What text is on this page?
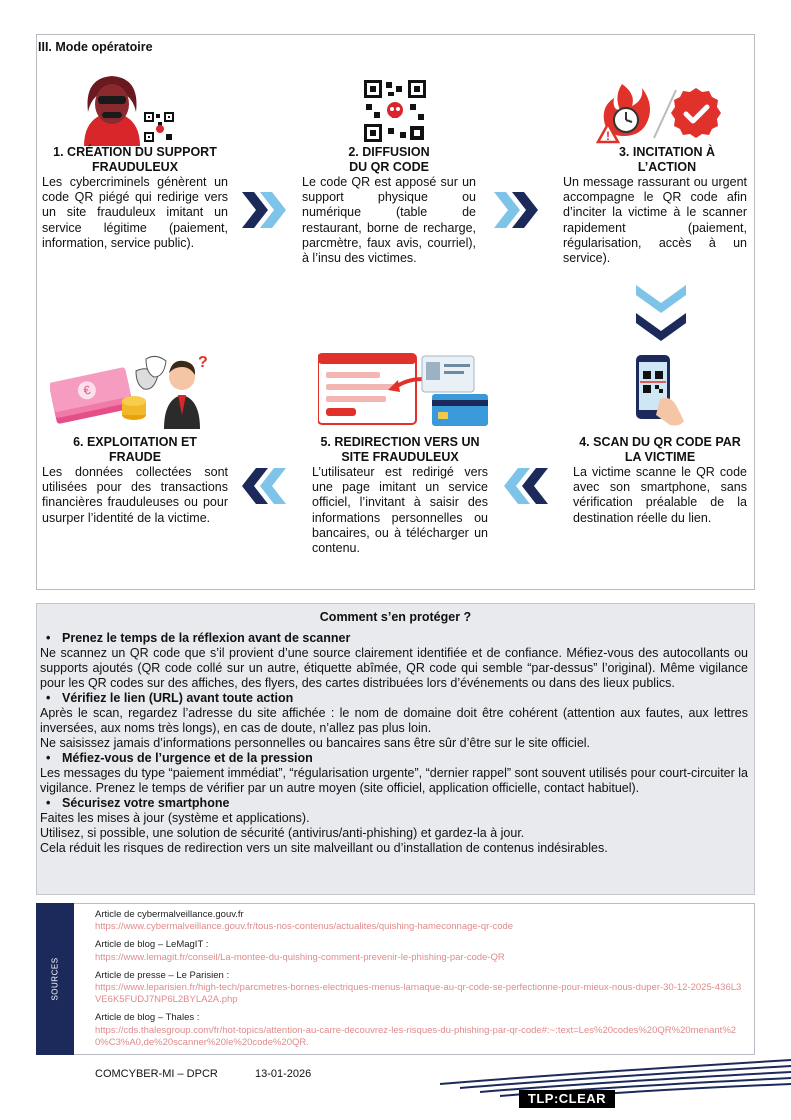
III. Mode opératoire
!
€
?
1. CRÉATION DU SUPPORT FRAUDULEUX
Les cybercriminels génèrent un code QR piégé qui redirige vers un site frauduleux imitant un service légitime (paiement, information, service public).
2. DIFFUSION DU QR CODE
Le code QR est apposé sur un support physique ou numérique (table de restaurant, borne de recharge, parcmètre, faux avis, courriel), à l’insu des victimes.
3. INCITATION À L’ACTION
Un message rassurant ou urgent accompagne le QR code afin d’inciter la victime à le scanner rapidement (paiement, régularisation, accès à un service).
4. SCAN DU QR CODE PAR LA VICTIME
La victime scanne le QR code avec son smartphone, sans vérification préalable de la destination réelle du lien.
5. REDIRECTION VERS UN SITE FRAUDULEUX
L’utilisateur est redirigé vers une page imitant un service officiel, l’invitant à saisir des informations personnelles ou bancaires, ou à télécharger un contenu.
6. EXPLOITATION ET FRAUDE
Les données collectées sont utilisées pour des transactions financières frauduleuses ou pour usurper l’identité de la victime.
Comment s’en protéger ?
• Prenez le temps de la réflexion avant de scanner
Ne scannez un QR code que s’il provient d’une source clairement identifiée et de confiance. Méfiez-vous des autocollants ou supports ajoutés (QR code collé sur un autre, étiquette abîmée, QR code qui semble “par-dessus” l’original). Même vigilance pour les QR codes sur des affiches, des flyers, des cartes distribuées lors d’événements ou dans des lieux publics.
• Vérifiez le lien (URL) avant toute action
Après le scan, regardez l’adresse du site affichée : le nom de domaine doit être cohérent (attention aux fautes, aux lettres inversées, aux noms très longs), en cas de doute, n’allez pas plus loin.
Ne saisissez jamais d’informations personnelles ou bancaires sans être sûr d’être sur le site officiel.
• Méfiez-vous de l’urgence et de la pression
Les messages du type “paiement immédiat”, “régularisation urgente”, “dernier rappel” sont souvent utilisés pour court-circuiter la vigilance. Prenez le temps de vérifier par un autre moyen (site officiel, application officielle, contact habituel).
• Sécurisez votre smartphone
Faites les mises à jour (système et applications).
Utilisez, si possible, une solution de sécurité (antivirus/anti-phishing) et gardez-la à jour.
Cela réduit les risques de redirection vers un site malveillant ou d’installation de contenus indésirables.
SOURCES
Article de cybermalveillance.gouv.fr
https://www.cybermalveillance.gouv.fr/tous-nos-contenus/actualites/quishing-hameconnage-qr-code
Article de blog – LeMagIT :
https://www.lemagit.fr/conseil/La-montee-du-quishing-comment-prevenir-le-phishing-par-code-QR
Article de presse – Le Parisien :
https://www.leparisien.fr/high-tech/parcmetres-bornes-electriques-menus-larnaque-au-qr-code-se-perfectionne-pour-mieux-nous-duper-30-12-2025-436L3VE6K5FUDJ7NP6L2BYLA2A.php
Article de blog – Thales :
https://cds.thalesgroup.com/fr/hot-topics/attention-au-carre-decouvrez-les-risques-du-phishing-par-qr-code#:~:text=Les%20codes%20QR%20menant%20%C3%A0,de%20scanner%20le%20code%20QR.
COMCYBER-MI – DPCR	13-01-2026
TLP:CLEAR
